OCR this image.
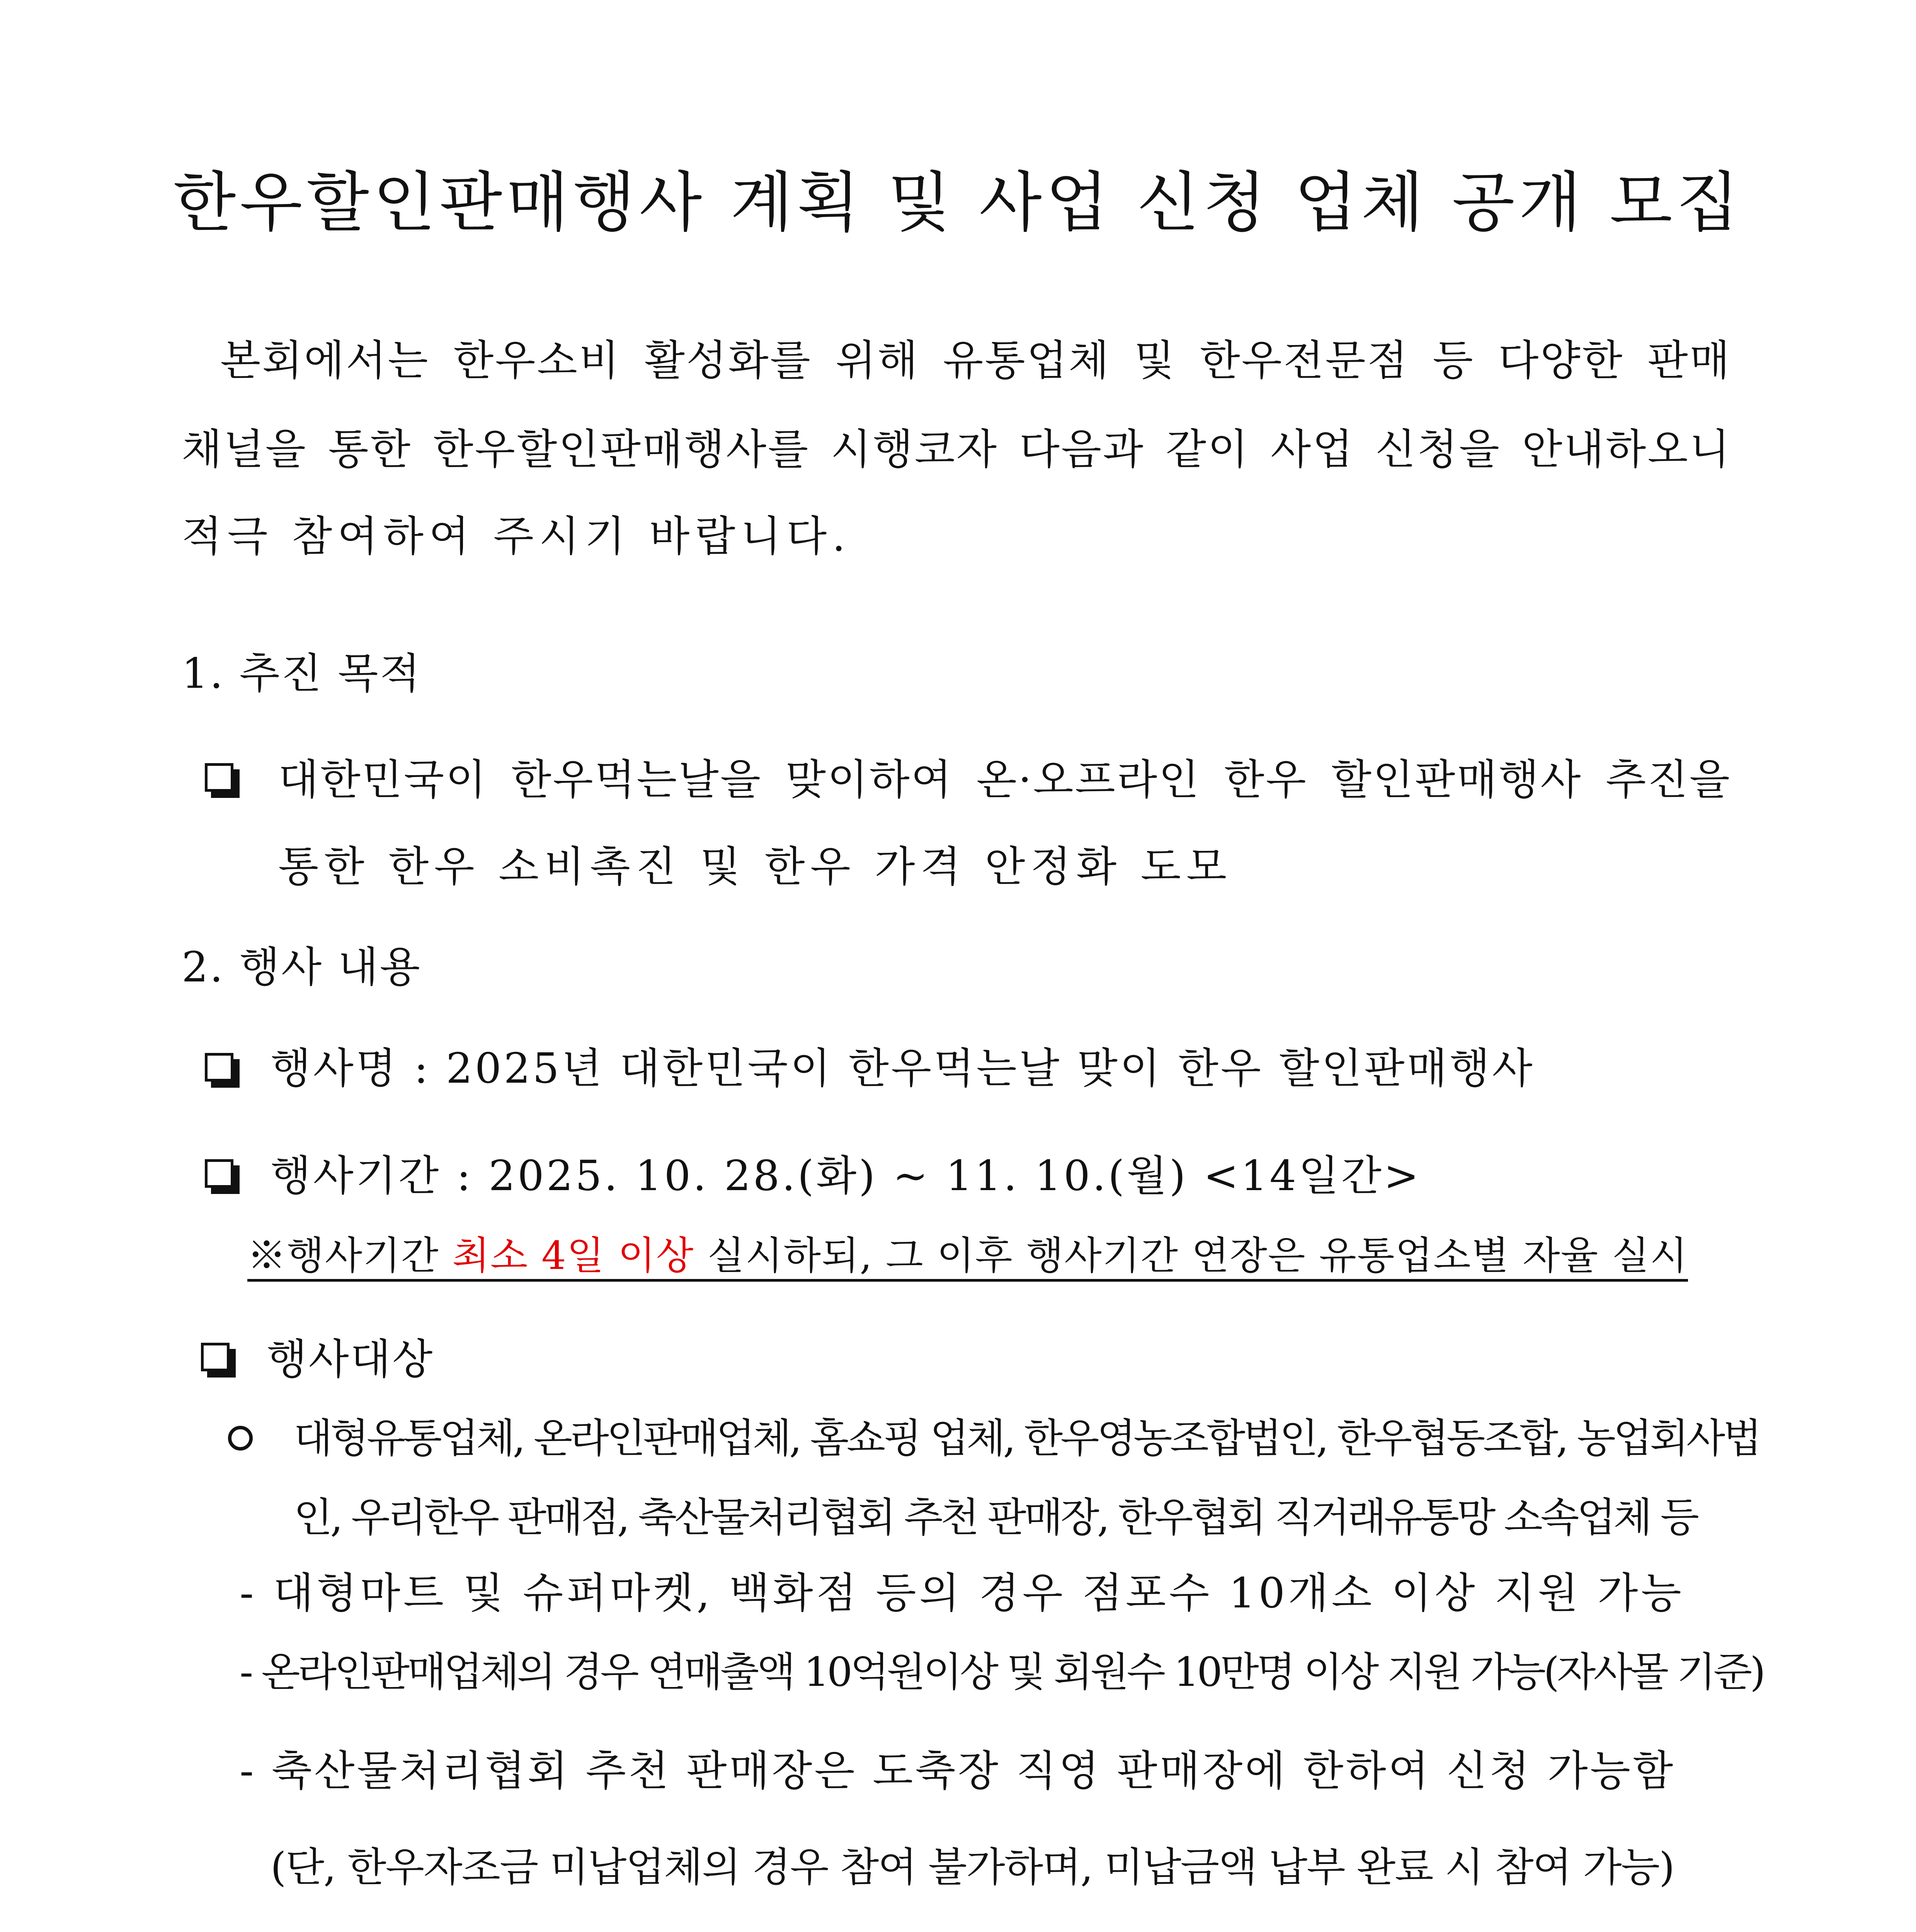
한우할인판매행사 계획 및 사업 신청 업체 공개 모집
본회에서는 한우소비 활성화를 위해 유통업체 및 한우전문점 등 다양한 판매
채널을 통한 한우할인판매행사를 시행코자 다음과 같이 사업 신청을 안내하오니
적극 참여하여 주시기 바랍니다.
1. 추진 목적
대한민국이 한우먹는날을 맞이하여 온·오프라인 한우 할인판매행사 추진을
통한 한우 소비촉진 및 한우 가격 안정화 도모
2. 행사 내용
행사명 : 2025년 대한민국이 한우먹는날 맞이 한우 할인판매행사
행사기간 : 2025. 10. 28.(화) ~ 11. 10.(월) <14일간>
※행사기간 최소 4일 이상 실시하되, 그 이후 행사기간 연장은 유통업소별 자율 실시
행사대상
대형유통업체, 온라인판매업체, 홈쇼핑 업체, 한우영농조합법인, 한우협동조합, 농업회사법
인, 우리한우 판매점, 축산물처리협회 추천 판매장, 한우협회 직거래유통망 소속업체 등
- 대형마트 및 슈퍼마켓, 백화점 등의 경우 점포수 10개소 이상 지원 가능
- 온라인판매업체의 경우 연매출액 10억원이상 및 회원수 10만명 이상 지원 가능(자사몰 기준)
- 축산물처리협회 추천 판매장은 도축장 직영 판매장에 한하여 신청 가능함
(단, 한우자조금 미납업체의 경우 참여 불가하며, 미납금액 납부 완료 시 참여 가능)
